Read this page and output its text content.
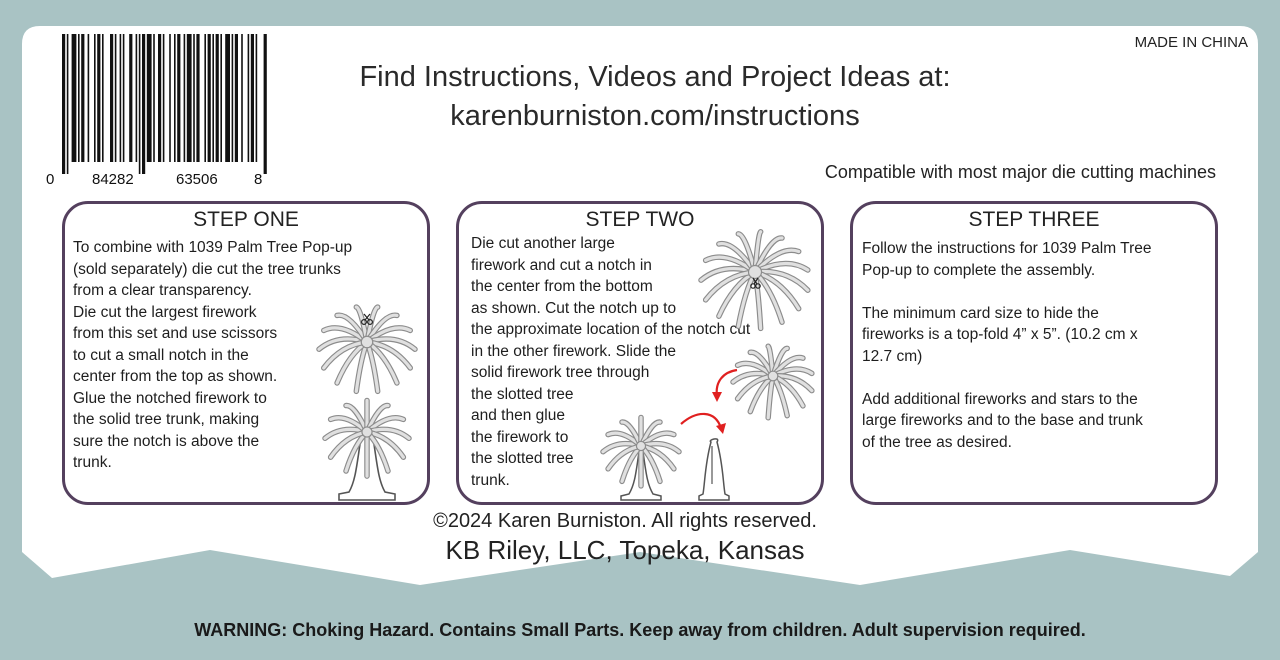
0	84282	63506 8
MADE IN CHINA
Find Instructions, Videos and Project Ideas at:
karenburniston.com/instructions
Compatible with most major die cutting machines
STEP ONE
To combine with 1039 Palm Tree Pop-up
(sold separately) die cut the tree trunks
from a clear transparency.
Die cut the largest firework
from this set and use scissors
to cut a small notch in the
center from the top as shown.
Glue the notched firework to
the solid tree trunk, making
sure the notch is above the
trunk.
STEP TWO
Die cut another large
firework and cut a notch in
the center from the bottom
as shown. Cut the notch up to
the approximate location of the notch cut
in the other firework. Slide the
solid firework tree through
the slotted tree
and then glue
the firework to
the slotted tree
trunk.
STEP THREE
Follow the instructions for 1039 Palm Tree
Pop-up to complete the assembly.

The minimum card size to hide the
fireworks is a top-fold 4” x 5”. (10.2 cm x
12.7 cm)

Add additional fireworks and stars to the
large fireworks and to the base and trunk
of the tree as desired.
©2024 Karen Burniston. All rights reserved.
KB Riley, LLC, Topeka, Kansas
WARNING: Choking Hazard. Contains Small Parts. Keep away from children. Adult supervision required.
